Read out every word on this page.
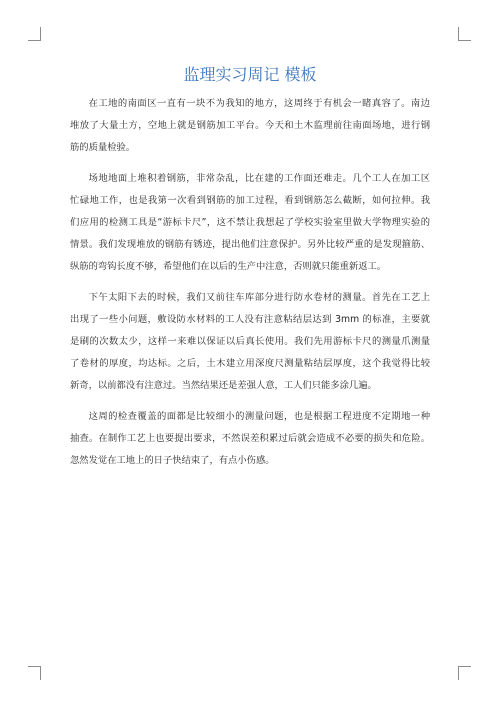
监理实习周记 模板

在工地的南面区一直有一块不为我知的地方，这周终于有机会一睹真容了。南边
堆放了大量土方，空地上就是钢筋加工平台。今天和土木监理前往南面场地，进行钢
筋的质量检验。

场地地面上堆积着钢筋，非常杂乱，比在建的工作面还难走。几个工人在加工区
忙碌地工作，也是我第一次看到钢筋的加工过程，看到钢筋怎么截断，如何拉伸。我
们应用的检测工具是“游标卡尺”，这不禁让我想起了学校实验室里做大学物理实验的
情景。我们发现堆放的钢筋有锈迹，提出他们注意保护。另外比较严重的是发现箍筋、
纵筋的弯钩长度不够，希望他们在以后的生产中注意，否则就只能重新返工。

下午太阳下去的时候，我们又前往车库部分进行防水卷材的测量。首先在工艺上
出现了一些小问题，敷设防水材料的工人没有注意粘结层达到 3mm 的标准，主要就
是刷的次数太少，这样一来难以保证以后真长使用。我们先用游标卡尺的测量爪测量
了卷材的厚度，均达标。之后，土木建立用深度尺测量粘结层厚度，这个我觉得比较
新奇，以前都没有注意过。当然结果还是差强人意，工人们只能多涂几遍。

这周的检查覆盖的面都是比较细小的测量问题，也是根据工程进度不定期地一种
抽查。在制作工艺上也要提出要求，不然误差积累过后就会造成不必要的损失和危险。
忽然发觉在工地上的日子快结束了，有点小伤感。
